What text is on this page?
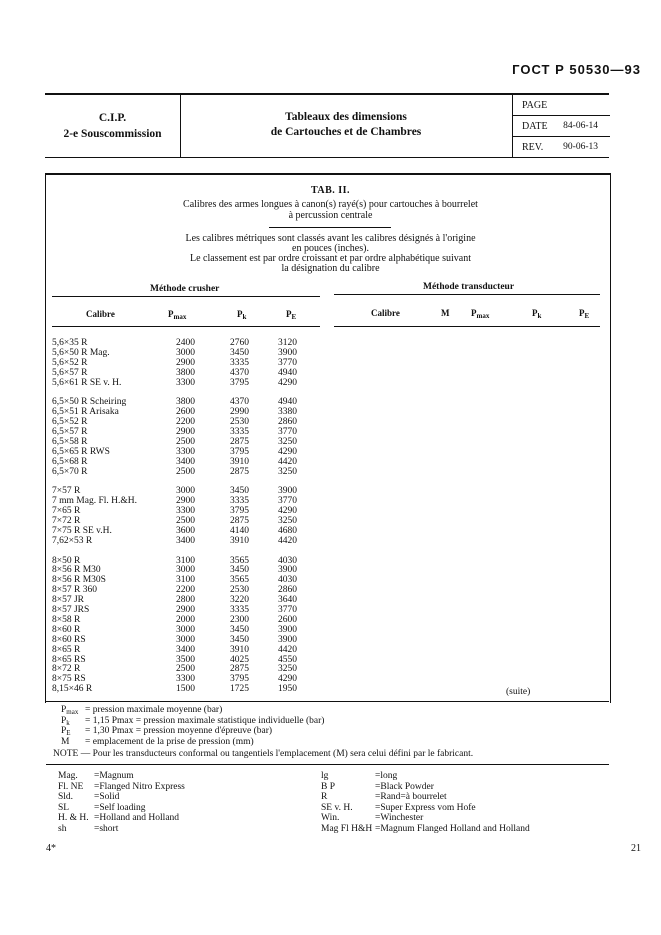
ГОСТ Р 50530—93
C.I.P.
2-e Souscommission
Tableaux des dimensions
de Cartouches et de Chambres
PAGE
DATE 84-06-14
REV. 90-06-13
TAB. II.
Calibres des armes longues à canon(s) rayé(s) pour cartouches à bourrelet
à percussion centrale
Les calibres métriques sont classés avant les calibres désignés à l'origine
en pouces (inches).
Le classement est par ordre croissant et par ordre alphabétique suivant
la désignation du calibre
Méthode crusher	Méthode transducteur
Calibre	$P_{max}$	$P_k$	$P_E$	Calibre	M $P_{max}$	$P_k$	$P_E$
5,6×35 R	2400	2760	3120
5,6×50 R Mag.	3000	3450	3900
5,6×52 R	2900	3335	3770
5,6×57 R	3800	4370	4940
5,6×61 R SE v. H.	3300	3795	4290
6,5×50 R Scheiring	3800	4370	4940
6,5×51 R Arisaka	2600	2990	3380
6,5×52 R	2200	2530	2860
6,5×57 R	2900	3335	3770
6,5×58 R	2500	2875	3250
6,5×65 R RWS	3300	3795	4290
6,5×68 R	3400	3910	4420
6,5×70 R	2500	2875	3250
7×57 R	3000	3450	3900
7 mm Mag. Fl. H.&H.	2900	3335	3770
7×65 R	3300	3795	4290
7×72 R	2500	2875	3250
7×75 R SE v.H.	3600	4140	4680
7,62×53 R	3400	3910	4420
8×50 R	3100	3565	4030
8×56 R M30	3000	3450	3900
8×56 R M30S	3100	3565	4030
8×57 R 360	2200	2530	2860
8×57 JR	2800	3220	3640
8×57 JRS	2900	3335	3770
8×58 R	2000	2300	2600
8×60 R	3000	3450	3900
8×60 RS	3000	3450	3900
8×65 R	3400	3910	4420
8×65 RS	3500	4025	4550
8×72 R	2500	2875	3250
8×75 RS	3300	3795	4290
8,15×46 R	1500	1725	1950	(suite)
$P_{max}$ = pression maximale moyenne (bar)
$P_k = 1,15$ Pmax = pression maximale statistique individuelle (bar)
$P_E = 1,30$ Pmax = pression moyenne d'épreuve (bar)
M = emplacement de la prise de pression (mm)
NOTE — Pour les transducteurs conformal ou tangentiels l'emplacement (M) sera celui défini par le fabricant.
Mag. =Magnum
Fl. NE =Flanged Nitro Express
Sld. =Solid
SL	=Self loading
H. & H. =Holland and Holland
sh	=short
lg	=long
B P	=Black Powder
R	=Rand=à bourrelet
SE v. H. =Super Express vom Hofe
Win.	=Winchester
Mag Fl H&H =Magnum Flanged Holland and Holland
4*	21
